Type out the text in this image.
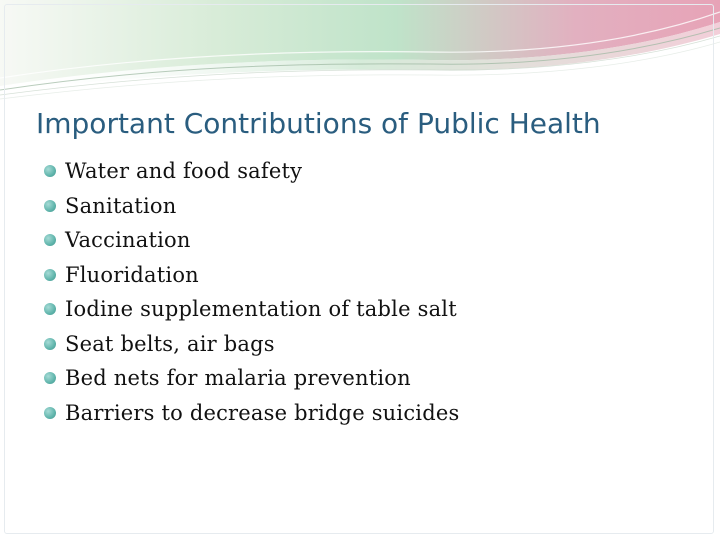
Important Contributions of Public Health
Water and food safety
Sanitation
Vaccination
Fluoridation
Iodine supplementation of table salt
Seat belts, air bags
Bed nets for malaria prevention
Barriers to decrease bridge suicides
